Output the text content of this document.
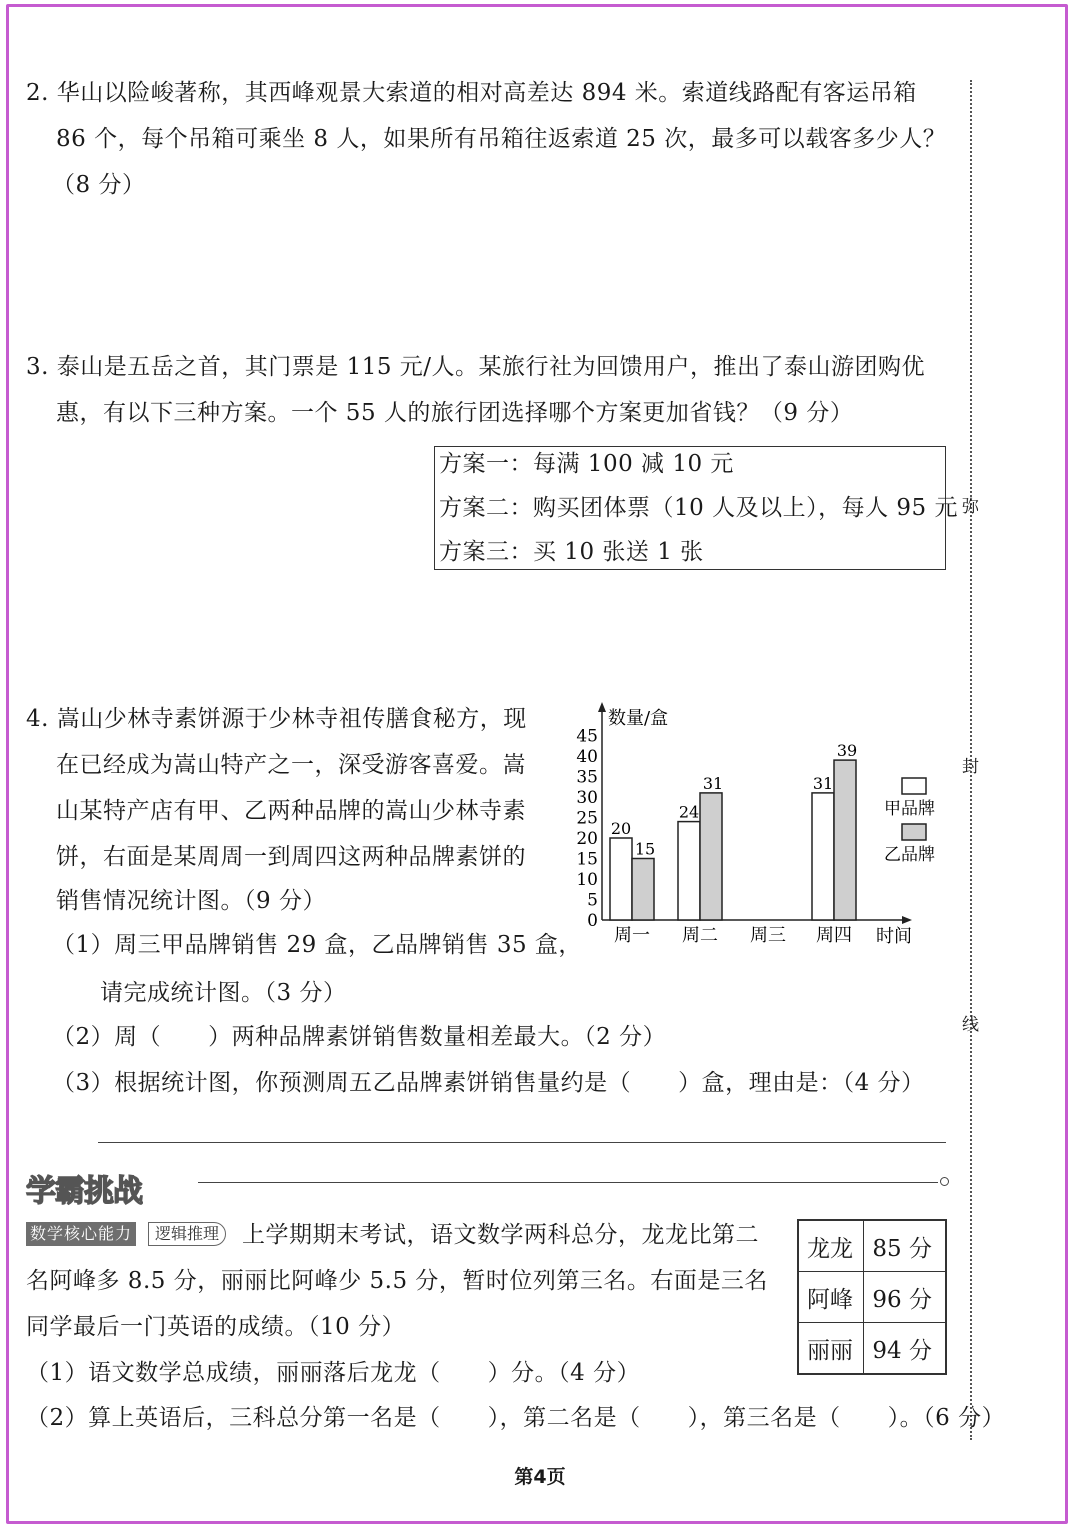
2. 华山以险峻著称，其西峰观景大索道的相对高差达 894 米。索道线路配有客运吊箱
86 个，每个吊箱可乘坐 8 人，如果所有吊箱往返索道 25 次，最多可以载客多少人？
（8 分）
3. 泰山是五岳之首，其门票是 115 元/人。某旅行社为回馈用户，推出了泰山游团购优
惠，有以下三种方案。一个 55 人的旅行团选择哪个方案更加省钱？（9 分）
方案一：每满 100 减 10 元
方案二：购买团体票（10 人及以上），每人 95 元
方案三：买 10 张送 1 张
4. 嵩山少林寺素饼源于少林寺祖传膳食秘方，现
在已经成为嵩山特产之一，深受游客喜爱。嵩
山某特产店有甲、乙两种品牌的嵩山少林寺素
饼，右面是某周周一到周四这两种品牌素饼的
销售情况统计图。（9 分）
（1）周三甲品牌销售 29 盒，乙品牌销售 35 盒，
请完成统计图。（3 分）
（2）周（　　）两种品牌素饼销售数量相差最大。（2 分）
（3）根据统计图，你预测周五乙品牌素饼销售量约是（　　）盒，理由是：（4 分）
数量/盒
时间
0
5
10
15
20
25
30
35
40
45
20
15
周一
24
31
周二 周三
31
39
周四
甲品牌
乙品牌
弥
封
线
学霸挑战
数学核心能力	逻辑推理 上学期期末考试，语文数学两科总分，龙龙比第二
名阿峰多 8.5 分，丽丽比阿峰少 5.5 分，暂时位列第三名。右面是三名
同学最后一门英语的成绩。（10 分）
（1）语文数学总成绩，丽丽落后龙龙（　　）分。（4 分）
（2）算上英语后，三科总分第一名是（　　），第二名是（　　），第三名是（　　）。（6 分）
龙龙	85 分
阿峰	96 分
丽丽	94 分
第4页
